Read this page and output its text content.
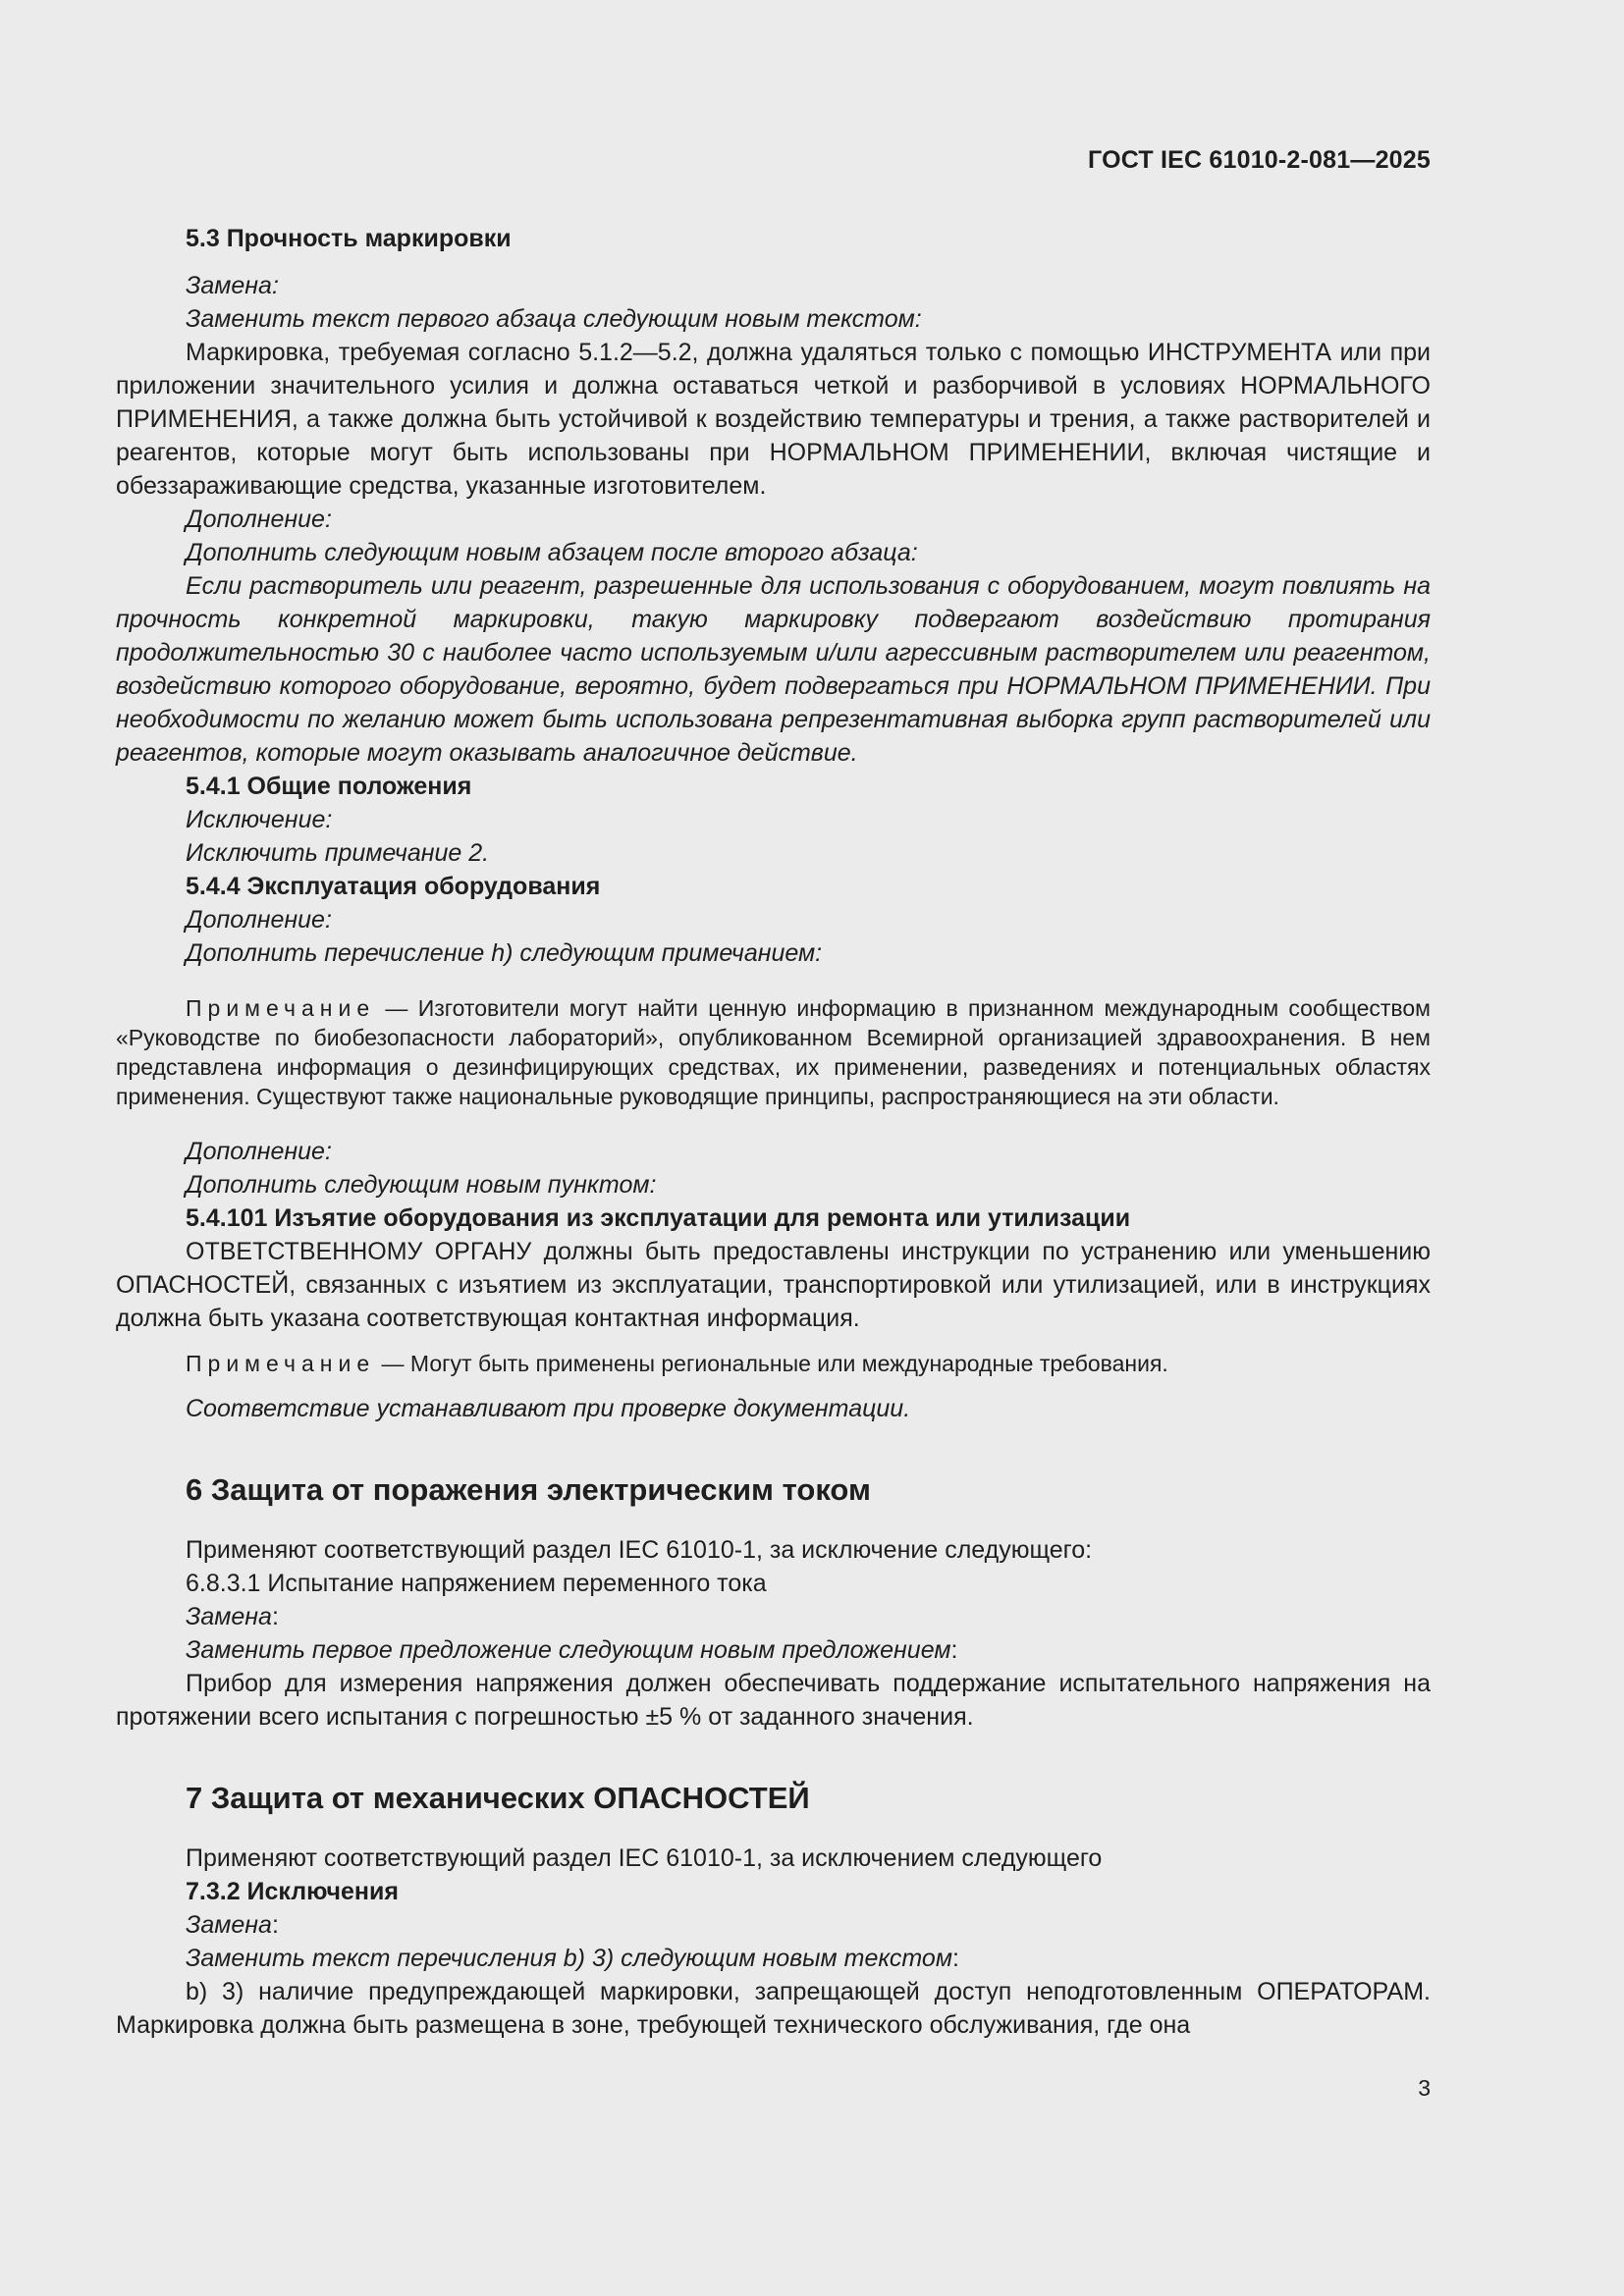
ГОСТ IEC 61010-2-081—2025

5.3 Прочность маркировки

Замена:

Заменить текст первого абзаца следующим новым текстом:

Маркировка, требуемая согласно 5.1.2—5.2, должна удаляться только с помощью ИНСТРУМЕНТА или при приложении значительного усилия и должна оставаться четкой и разборчивой в условиях НОРМАЛЬНОГО ПРИМЕНЕНИЯ, а также должна быть устойчивой к воздействию температуры и трения, а также растворителей и реагентов, которые могут быть использованы при НОРМАЛЬНОМ ПРИМЕНЕНИИ, включая чистящие и обеззараживающие средства, указанные изготовителем.

Дополнение:

Дополнить следующим новым абзацем после второго абзаца:

Если растворитель или реагент, разрешенные для использования с оборудованием, могут повлиять на прочность конкретной маркировки, такую маркировку подвергают воздействию протирания продолжительностью 30 с наиболее часто используемым и/или агрессивным растворителем или реагентом, воздействию которого оборудование, вероятно, будет подвергаться при НОРМАЛЬНОМ ПРИМЕНЕНИИ. При необходимости по желанию может быть использована репрезентативная выборка групп растворителей или реагентов, которые могут оказывать аналогичное действие.

5.4.1 Общие положения

Исключение:

Исключить примечание 2.

5.4.4 Эксплуатация оборудования

Дополнение:

Дополнить перечисление h) следующим примечанием:

Примечание — Изготовители могут найти ценную информацию в признанном международным сообществом «Руководстве по биобезопасности лабораторий», опубликованном Всемирной организацией здравоохранения. В нем представлена информация о дезинфицирующих средствах, их применении, разведениях и потенциальных областях применения. Существуют также национальные руководящие принципы, распространяющиеся на эти области.

Дополнение:

Дополнить следующим новым пунктом:

5.4.101 Изъятие оборудования из эксплуатации для ремонта или утилизации

ОТВЕТСТВЕННОМУ ОРГАНУ должны быть предоставлены инструкции по устранению или уменьшению ОПАСНОСТЕЙ, связанных с изъятием из эксплуатации, транспортировкой или утилизацией, или в инструкциях должна быть указана соответствующая контактная информация.

Примечание — Могут быть применены региональные или международные требования.

Соответствие устанавливают при проверке документации.

6 Защита от поражения электрическим током

Применяют соответствующий раздел IEC 61010-1, за исключение следующего:

6.8.3.1 Испытание напряжением переменного тока

Замена:

Заменить первое предложение следующим новым предложением:

Прибор для измерения напряжения должен обеспечивать поддержание испытательного напряжения на протяжении всего испытания с погрешностью ±5 % от заданного значения.

7 Защита от механических ОПАСНОСТЕЙ

Применяют соответствующий раздел IEC 61010-1, за исключением следующего

7.3.2 Исключения

Замена:

Заменить текст перечисления b) 3) следующим новым текстом:

b) 3) наличие предупреждающей маркировки, запрещающей доступ неподготовленным ОПЕРАТОРАМ. Маркировка должна быть размещена в зоне, требующей технического обслуживания, где она

3
